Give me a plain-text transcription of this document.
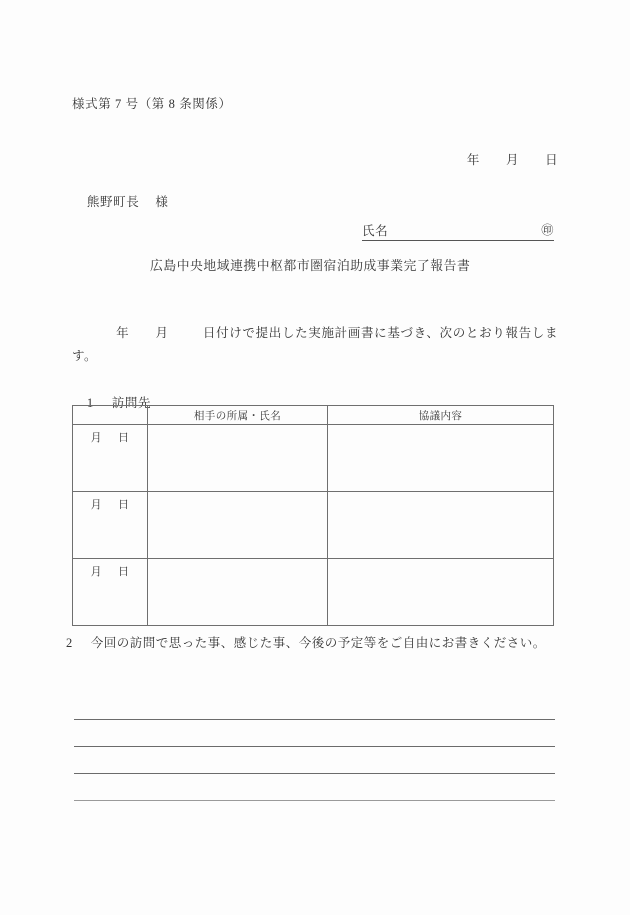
様式第 7 号（第 8 条関係）

年 月 日

熊野町長 様

氏名	㊞
広島中央地域連携中枢都市圏宿泊助成事業完了報告書
年 月	日付けで提出した実施計画書に基づき、次のとおり報告します。

1 訪問先

	相手の所属・氏名	協議内容
月 日		
月 日		
月 日		
2 今回の訪問で思った事、感じた事、今後の予定等をご自由にお書きください。
